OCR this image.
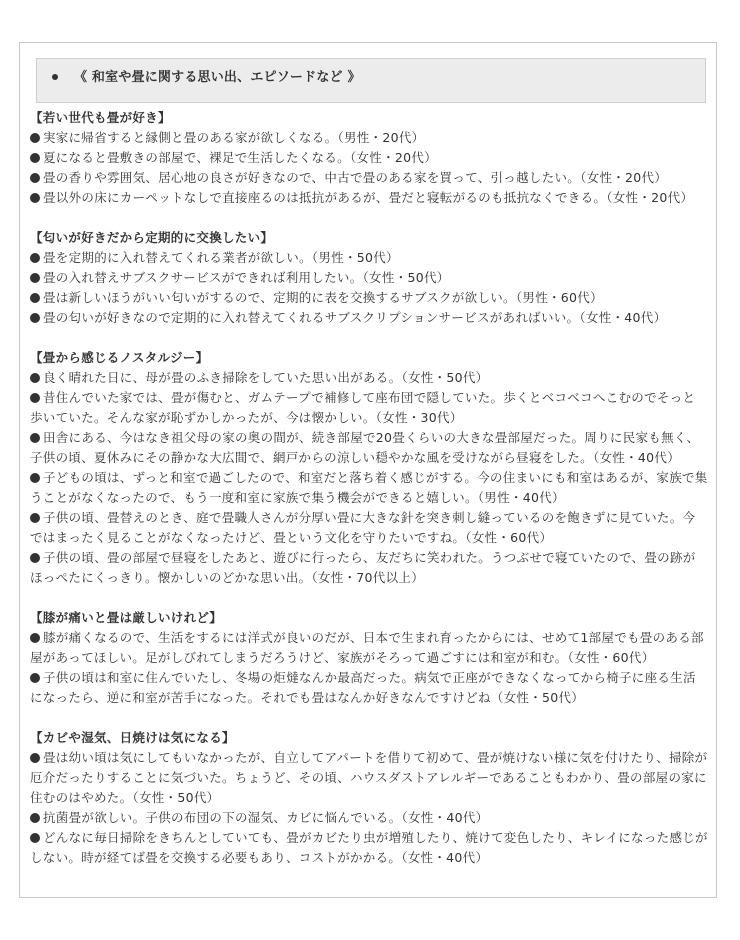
《 和室や畳に関する思い出、エピソードなど 》
【若い世代も畳が好き】
実家に帰省すると縁側と畳のある家が欲しくなる。（男性・20代）
夏になると畳敷きの部屋で、裸足で生活したくなる。（女性・20代）
畳の香りや雰囲気、居心地の良さが好きなので、中古で畳のある家を買って、引っ越したい。（女性・20代）
畳以外の床にカーペットなしで直接座るのは抵抗があるが、畳だと寝転がるのも抵抗なくできる。（女性・20代）
【匂いが好きだから定期的に交換したい】
畳を定期的に入れ替えてくれる業者が欲しい。（男性・50代）
畳の入れ替えサブスクサービスができれば利用したい。（女性・50代）
畳は新しいほうがいい匂いがするので、定期的に表を交換するサブスクが欲しい。（男性・60代）
畳の匂いが好きなので定期的に入れ替えてくれるサブスクリプションサービスがあればいい。（女性・40代）
【畳から感じるノスタルジー】
良く晴れた日に、母が畳のふき掃除をしていた思い出がある。（女性・50代）
昔住んでいた家では、畳が傷むと、ガムテープで補修して座布団で隠していた。歩くとベコベコへこむのでそっと歩いていた。そんな家が恥ずかしかったが、今は懐かしい。（女性・30代）
田舎にある、今はなき祖父母の家の奥の間が、続き部屋で20畳くらいの大きな畳部屋だった。周りに民家も無く、子供の頃、夏休みにその静かな大広間で、網戸からの涼しい穏やかな風を受けながら昼寝をした。（女性・40代）
子どもの頃は、ずっと和室で過ごしたので、和室だと落ち着く感じがする。今の住まいにも和室はあるが、家族で集うことがなくなったので、もう一度和室に家族で集う機会ができると嬉しい。（男性・40代）
子供の頃、畳替えのとき、庭で畳職人さんが分厚い畳に大きな針を突き刺し縫っているのを飽きずに見ていた。今ではまったく見ることがなくなったけど、畳という文化を守りたいですね。（女性・60代）
子供の頃、畳の部屋で昼寝をしたあと、遊びに行ったら、友だちに笑われた。うつぶせで寝ていたので、畳の跡がほっぺたにくっきり。懐かしいのどかな思い出。（女性・70代以上）
【膝が痛いと畳は厳しいけれど】
膝が痛くなるので、生活をするには洋式が良いのだが、日本で生まれ育ったからには、せめて1部屋でも畳のある部屋があってほしい。足がしびれてしまうだろうけど、家族がそろって過ごすには和室が和む。（女性・60代）
子供の頃は和室に住んでいたし、冬場の炬燵なんか最高だった。病気で正座ができなくなってから椅子に座る生活になったら、逆に和室が苦手になった。それでも畳はなんか好きなんですけどね（女性・50代）
【カビや湿気、日焼けは気になる】
畳は幼い頃は気にしてもいなかったが、自立してアパートを借りて初めて、畳が焼けない様に気を付けたり、掃除が厄介だったりすることに気づいた。ちょうど、その頃、ハウスダストアレルギーであることもわかり、畳の部屋の家に住むのはやめた。（女性・50代）
抗菌畳が欲しい。子供の布団の下の湿気、カビに悩んでいる。（女性・40代）
どんなに毎日掃除をきちんとしていても、畳がカビたり虫が増殖したり、焼けて変色したり、キレイになった感じがしない。時が経てば畳を交換する必要もあり、コストがかかる。（女性・40代）
